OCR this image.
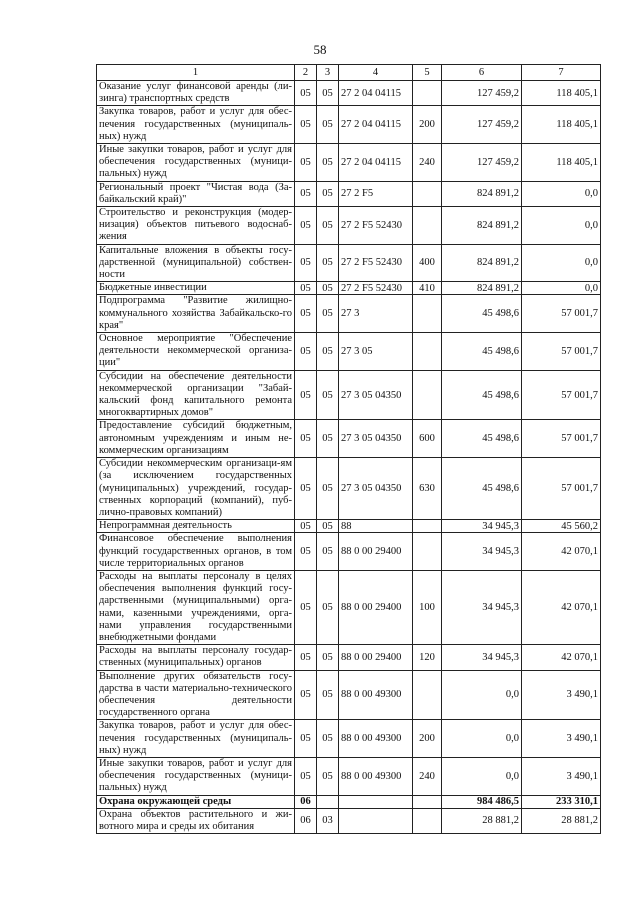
58
1	2	3	4	5	6	7
Оказание услуг финансовой аренды (ли-зинга) транспортных средств	05	05	27 2 04 04115		127 459,2	118 405,1
Закупка товаров, работ и услуг для обес-печения государственных (муниципаль-ных) нужд	05	05	27 2 04 04115	200	127 459,2	118 405,1
Иные закупки товаров, работ и услуг для обеспечения государственных (муници-пальных) нужд	05	05	27 2 04 04115	240	127 459,2	118 405,1
Региональный проект "Чистая вода (За-байкальский край)"	05	05	27 2 F5		824 891,2	0,0
Строительство и реконструкция (модер-низация) объектов питьевого водоснаб-жения	05	05	27 2 F5 52430		824 891,2	0,0
Капитальные вложения в объекты госу-дарственной (муниципальной) собствен-ности	05	05	27 2 F5 52430	400	824 891,2	0,0
Бюджетные инвестиции	05	05	27 2 F5 52430	410	824 891,2	0,0
Подпрограмма "Развитие жилищно-коммунального хозяйства Забайкальско-го края"	05	05	27 3		45 498,6	57 001,7
Основное мероприятие "Обеспечение деятельности некоммерческой организа-ции"	05	05	27 3 05		45 498,6	57 001,7
Субсидии на обеспечение деятельности некоммерческой организации "Забай-кальский фонд капитального ремонта многоквартирных домов"	05	05	27 3 05 04350		45 498,6	57 001,7
Предоставление субсидий бюджетным, автономным учреждениям и иным не-коммерческим организациям	05	05	27 3 05 04350	600	45 498,6	57 001,7
Субсидии некоммерческим организаци-ям (за исключением государственных (муниципальных) учреждений, государ-ственных корпораций (компаний), пуб-лично-правовых компаний)	05	05	27 3 05 04350	630	45 498,6	57 001,7
Непрограммная деятельность	05	05	88		34 945,3	45 560,2
Финансовое обеспечение выполнения функций государственных органов, в том числе территориальных органов	05	05	88 0 00 29400		34 945,3	42 070,1
Расходы на выплаты персоналу в целях обеспечения выполнения функций госу-дарственными (муниципальными) орга-нами, казенными учреждениями, орга-нами управления государственными внебюджетными фондами	05	05	88 0 00 29400	100	34 945,3	42 070,1
Расходы на выплаты персоналу государ-ственных (муниципальных) органов	05	05	88 0 00 29400	120	34 945,3	42 070,1
Выполнение других обязательств госу-дарства в части материально-технического обеспечения деятельности государственного органа	05	05	88 0 00 49300		0,0	3 490,1
Закупка товаров, работ и услуг для обес-печения государственных (муниципаль-ных) нужд	05	05	88 0 00 49300	200	0,0	3 490,1
Иные закупки товаров, работ и услуг для обеспечения государственных (муници-пальных) нужд	05	05	88 0 00 49300	240	0,0	3 490,1
Охрана окружающей среды	06				984 486,5	233 310,1
Охрана объектов растительного и жи-вотного мира и среды их обитания	06	03			28 881,2	28 881,2
